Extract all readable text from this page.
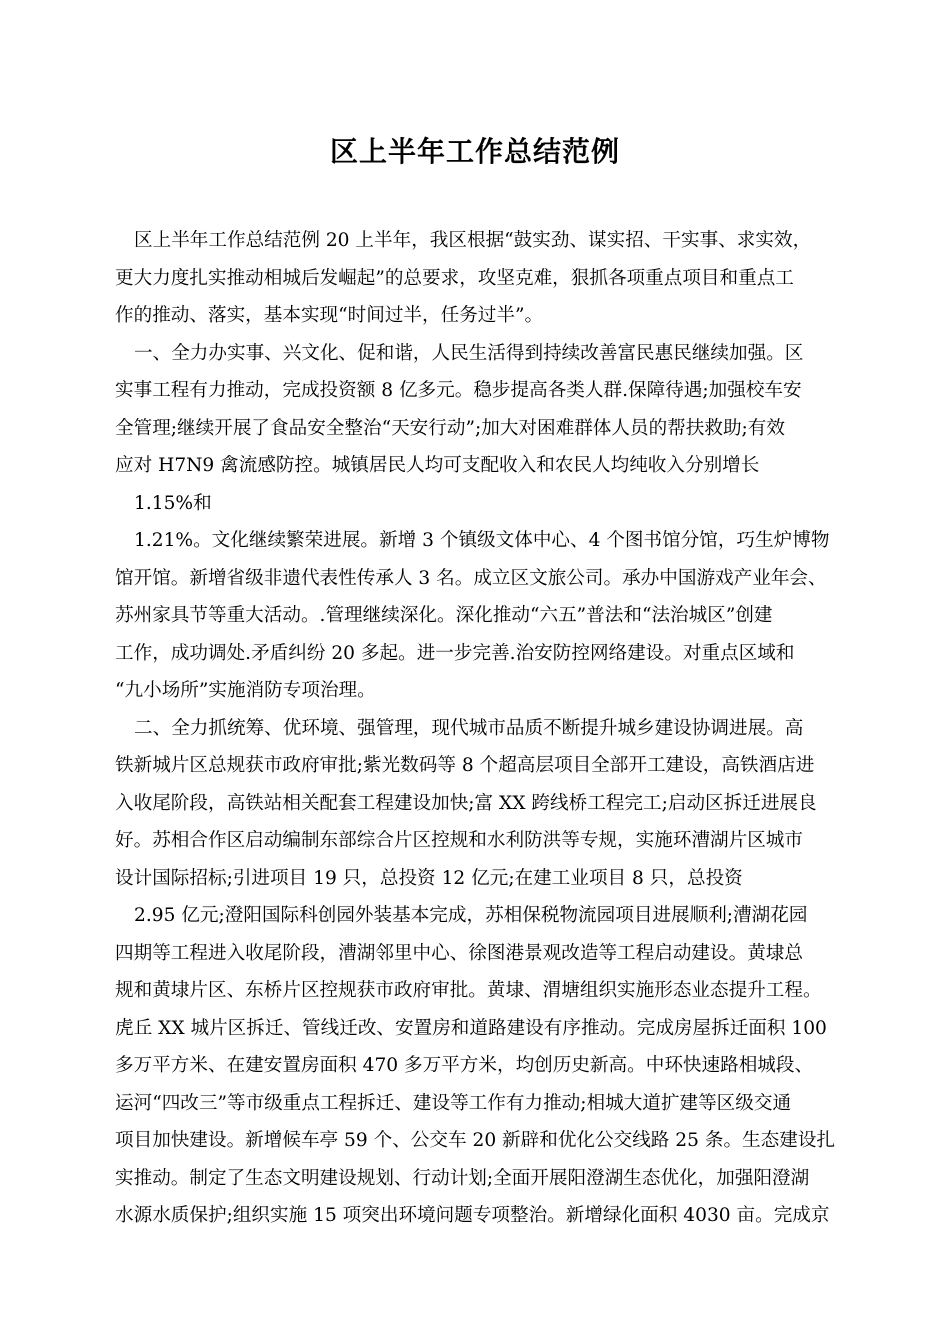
区上半年工作总结范例
区上半年工作总结范例 20 上半年，我区根据“鼓实劲、谋实招、干实事、求实效，
更大力度扎实推动相城后发崛起”的总要求，攻坚克难，狠抓各项重点项目和重点工
作的推动、落实，基本实现“时间过半，任务过半”。
一、全力办实事、兴文化、促和谐，人民生活得到持续改善富民惠民继续加强。区
实事工程有力推动，完成投资额 8 亿多元。稳步提高各类人群.保障待遇;加强校车安
全管理;继续开展了食品安全整治“天安行动”;加大对困难群体人员的帮扶救助;有效
应对 H7N9 禽流感防控。城镇居民人均可支配收入和农民人均纯收入分别增长
1.15%和
1.21%。文化继续繁荣进展。新增 3 个镇级文体中心、4 个图书馆分馆，巧生炉博物
馆开馆。新增省级非遗代表性传承人 3 名。成立区文旅公司。承办中国游戏产业年会、
苏州家具节等重大活动。.管理继续深化。深化推动“六五”普法和“法治城区”创建
工作，成功调处.矛盾纠纷 20 多起。进一步完善.治安防控网络建设。对重点区域和
“九小场所”实施消防专项治理。
二、全力抓统筹、优环境、强管理，现代城市品质不断提升城乡建设协调进展。高
铁新城片区总规获市政府审批;紫光数码等 8 个超高层项目全部开工建设，高铁酒店进
入收尾阶段，高铁站相关配套工程建设加快;富 XX 跨线桥工程完工;启动区拆迁进展良
好。苏相合作区启动编制东部综合片区控规和水利防洪等专规，实施环漕湖片区城市
设计国际招标;引进项目 19 只，总投资 12 亿元;在建工业项目 8 只，总投资
2.95 亿元;澄阳国际科创园外装基本完成，苏相保税物流园项目进展顺利;漕湖花园
四期等工程进入收尾阶段，漕湖邻里中心、徐图港景观改造等工程启动建设。黄埭总
规和黄埭片区、东桥片区控规获市政府审批。黄埭、渭塘组织实施形态业态提升工程。
虎丘 XX 城片区拆迁、管线迁改、安置房和道路建设有序推动。完成房屋拆迁面积 100
多万平方米、在建安置房面积 470 多万平方米，均创历史新高。中环快速路相城段、
运河“四改三”等市级重点工程拆迁、建设等工作有力推动;相城大道扩建等区级交通
项目加快建设。新增候车亭 59 个、公交车 20 新辟和优化公交线路 25 条。生态建设扎
实推动。制定了生态文明建设规划、行动计划;全面开展阳澄湖生态优化，加强阳澄湖
水源水质保护;组织实施 15 项突出环境问题专项整治。新增绿化面积 4030 亩。完成京
